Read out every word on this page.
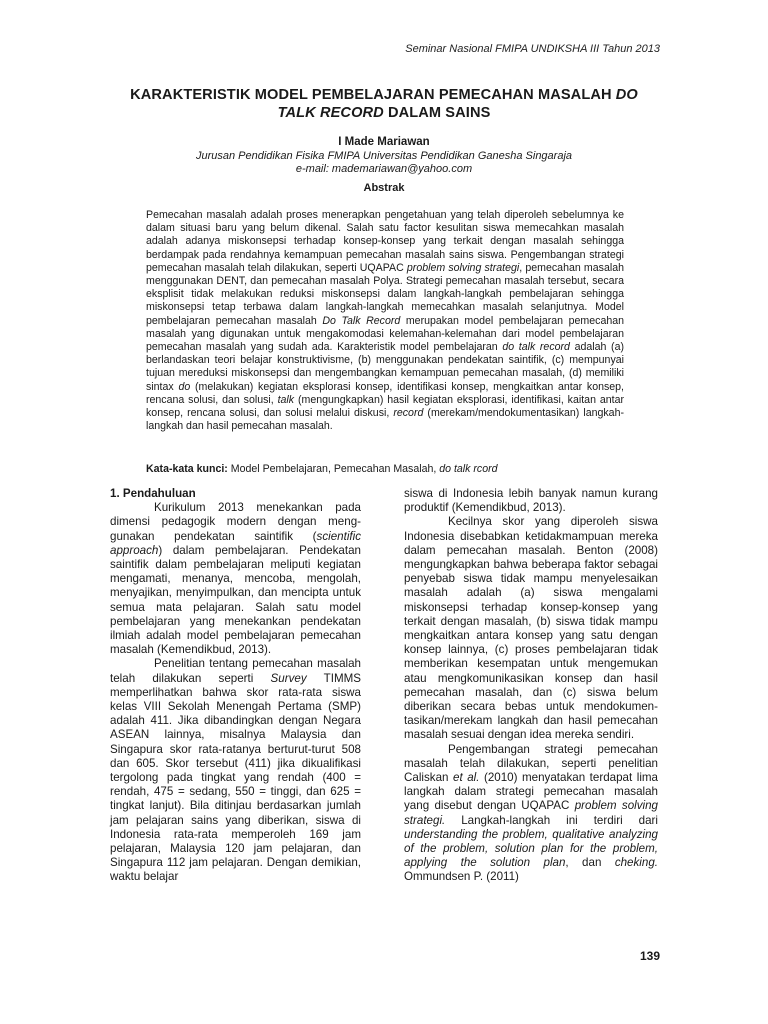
Seminar Nasional FMIPA UNDIKSHA III Tahun 2013
KARAKTERISTIK MODEL PEMBELAJARAN PEMECAHAN MASALAH DO
TALK RECORD DALAM SAINS
I Made Mariawan
Jurusan Pendidikan Fisika FMIPA Universitas Pendidikan Ganesha Singaraja
e-mail: mademariawan@yahoo.com
Abstrak

Pemecahan masalah adalah proses menerapkan pengetahuan yang telah diperoleh sebelumnya ke dalam situasi baru yang belum dikenal. Salah satu factor kesulitan siswa memecahkan masalah adalah adanya miskonsepsi terhadap konsep-konsep yang terkait dengan masalah sehingga berdampak pada rendahnya kemampuan pemecahan masalah sains siswa. Pengembangan strategi pemecahan masalah telah dilakukan, seperti UQAPAC problem solving strategi, pemecahan masalah menggunakan DENT, dan pemecahan masalah Polya. Strategi pemecahan masalah tersebut, secara eksplisit tidak melakukan reduksi miskonsepsi dalam langkah-langkah pembelajaran sehingga miskonsepsi tetap terbawa dalam langkah-langkah memecahkan masalah selanjutnya. Model pembelajaran pemecahan masalah Do Talk Record merupakan model pembelajaran pemecahan masalah yang digunakan untuk mengakomodasi kelemahan-kelemahan dari model pembelajaran pemecahan masalah yang sudah ada. Karakteristik model pembelajaran do talk record adalah (a) berlandaskan teori belajar konstruktivisme, (b) menggunakan pendekatan saintifik, (c) mempunyai tujuan mereduksi miskonsepsi dan mengembangkan kemampuan pemecahan masalah, (d) memiliki sintax do (melakukan) kegiatan eksplorasi konsep, identifikasi konsep, mengkaitkan antar konsep, rencana solusi, dan solusi, talk (mengungkapkan) hasil kegiatan eksplorasi, identifikasi, kaitan antar konsep, rencana solusi, dan solusi melalui diskusi, record (merekam/mendokumentasikan) langkah-langkah dan hasil pemecahan masalah.

Kata-kata kunci: Model Pembelajaran, Pemecahan Masalah, do talk rcord

1. Pendahuluan

Kurikulum 2013 menekankan pada dimensi pedagogik modern dengan meng-gunakan pendekatan saintifik (scientific approach) dalam pembelajaran. Pendekatan saintifik dalam pembelajaran meliputi kegiatan mengamati, menanya, mencoba, mengolah, menyajikan, menyimpulkan, dan mencipta untuk semua mata pelajaran. Salah satu model pembelajaran yang menekankan pendekatan ilmiah adalah model pembelajaran pemecahan masalah (Kemendikbud, 2013).

Penelitian tentang pemecahan masalah telah dilakukan seperti Survey TIMMS memperlihatkan bahwa skor rata-rata siswa kelas VIII Sekolah Menengah Pertama (SMP) adalah 411. Jika dibandingkan dengan Negara ASEAN lainnya, misalnya Malaysia dan Singapura skor rata-ratanya berturut-turut 508 dan 605. Skor tersebut (411) jika dikualifikasi tergolong pada tingkat yang rendah (400 = rendah, 475 = sedang, 550 = tinggi, dan 625 = tingkat lanjut). Bila ditinjau berdasarkan jumlah jam pelajaran sains yang diberikan, siswa di Indonesia rata-rata memperoleh 169 jam pelajaran, Malaysia 120 jam pelajaran, dan Singapura 112 jam pelajaran. Dengan demikian, waktu belajar

siswa di Indonesia lebih banyak namun kurang produktif (Kemendikbud, 2013).

Kecilnya skor yang diperoleh siswa Indonesia disebabkan ketidakmampuan mereka dalam pemecahan masalah. Benton (2008) mengungkapkan bahwa beberapa faktor sebagai penyebab siswa tidak mampu menyelesaikan masalah adalah (a) siswa mengalami miskonsepsi terhadap konsep-konsep yang terkait dengan masalah, (b) siswa tidak mampu mengkaitkan antara konsep yang satu dengan konsep lainnya, (c) proses pembelajaran tidak memberikan kesempatan untuk mengemukan atau mengkomunikasikan konsep dan hasil pemecahan masalah, dan (c) siswa belum diberikan secara bebas untuk mendokumen-tasikan/merekam langkah dan hasil pemecahan masalah sesuai dengan idea mereka sendiri.

Pengembangan strategi pemecahan masalah telah dilakukan, seperti penelitian Caliskan et al. (2010) menyatakan terdapat lima langkah dalam strategi pemecahan masalah yang disebut dengan UQAPAC problem solving strategi. Langkah-langkah ini terdiri dari understanding the problem, qualitative analyzing of the problem, solution plan for the problem, applying the solution plan, dan cheking. Ommundsen P. (2011)

139
